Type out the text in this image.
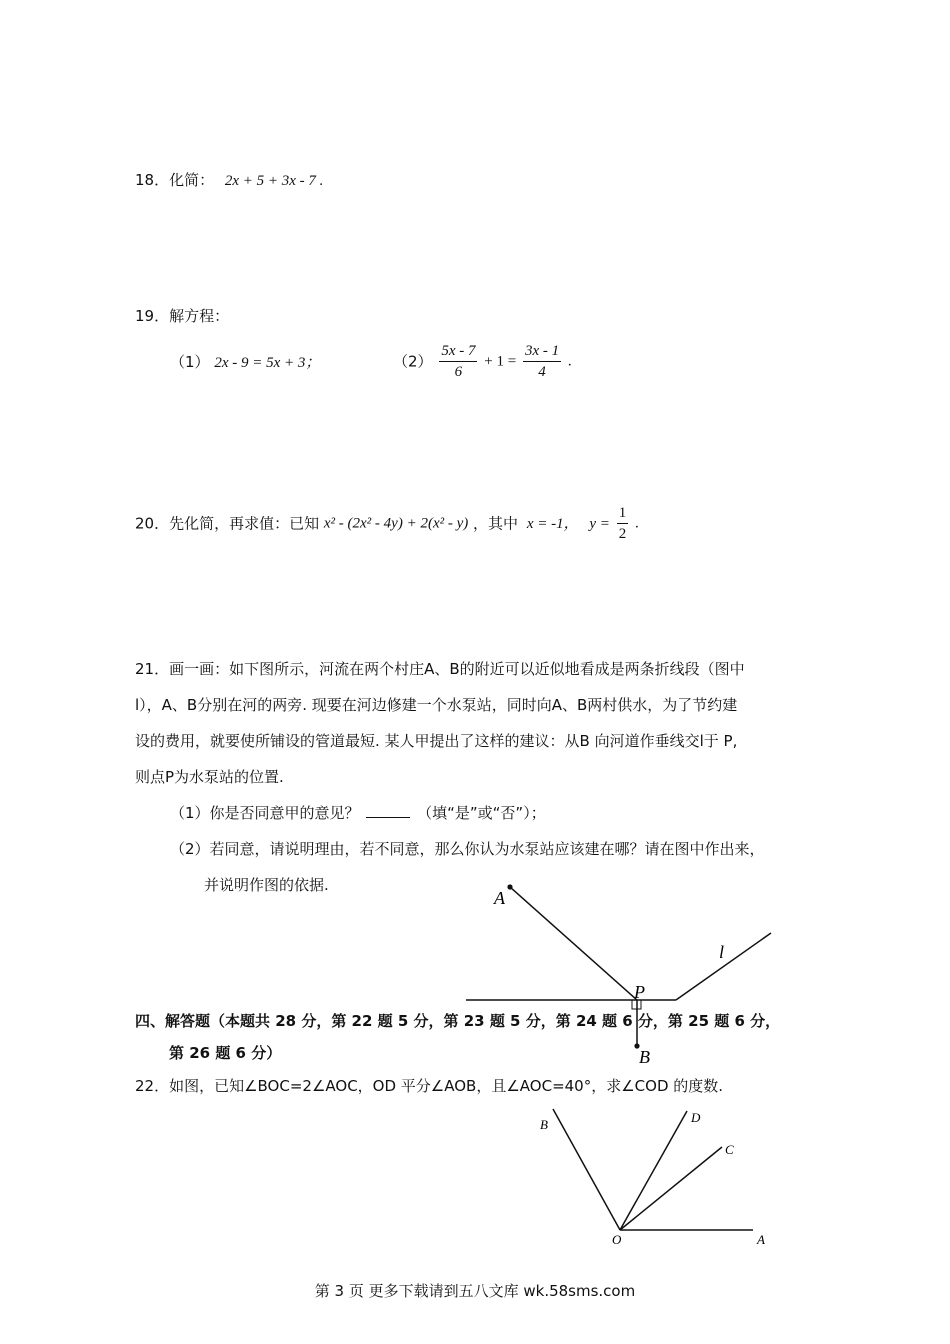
18．化简： 2x + 5 + 3x - 7 .
19．解方程：
（1） 2x - 9 = 5x + 3；	$(2) \frac{5x - 7}{6} + 1 = \frac{3x - 1}{4}$ .
20．先化简，再求值：已知 x² - (2x² - 4y) + 2(x² - y) ，其中 x = -1， $y = \frac{1}{2}$ .
21．画一画：如下图所示，河流在两个村庄A、B的附近可以近似地看成是两条折线段（图中
l），A、B分别在河的两旁. 现要在河边修建一个水泵站，同时向A、B两村供水，为了节约建
设的费用，就要使所铺设的管道最短. 某人甲提出了这样的建议：从B 向河道作垂线交l于 P,
则点P为水泵站的位置.
（1）你是否同意甲的意见？	（填“是”或“否”）；
（2）若同意，请说明理由，若不同意，那么你认为水泵站应该建在哪？请在图中作出来，
并说明作图的依据.
A
l
P
B
四、解答题（本题共 28 分，第 22 题 5 分，第 23 题 5 分，第 24 题 6 分，第 25 题 6 分，
第 26 题 6 分）
22．如图，已知∠BOC=2∠AOC，OD 平分∠AOB，且∠AOC=40°，求∠COD 的度数.
B	D
C
O	A
第 3 页 更多下载请到五八文库 wk.58sms.com
